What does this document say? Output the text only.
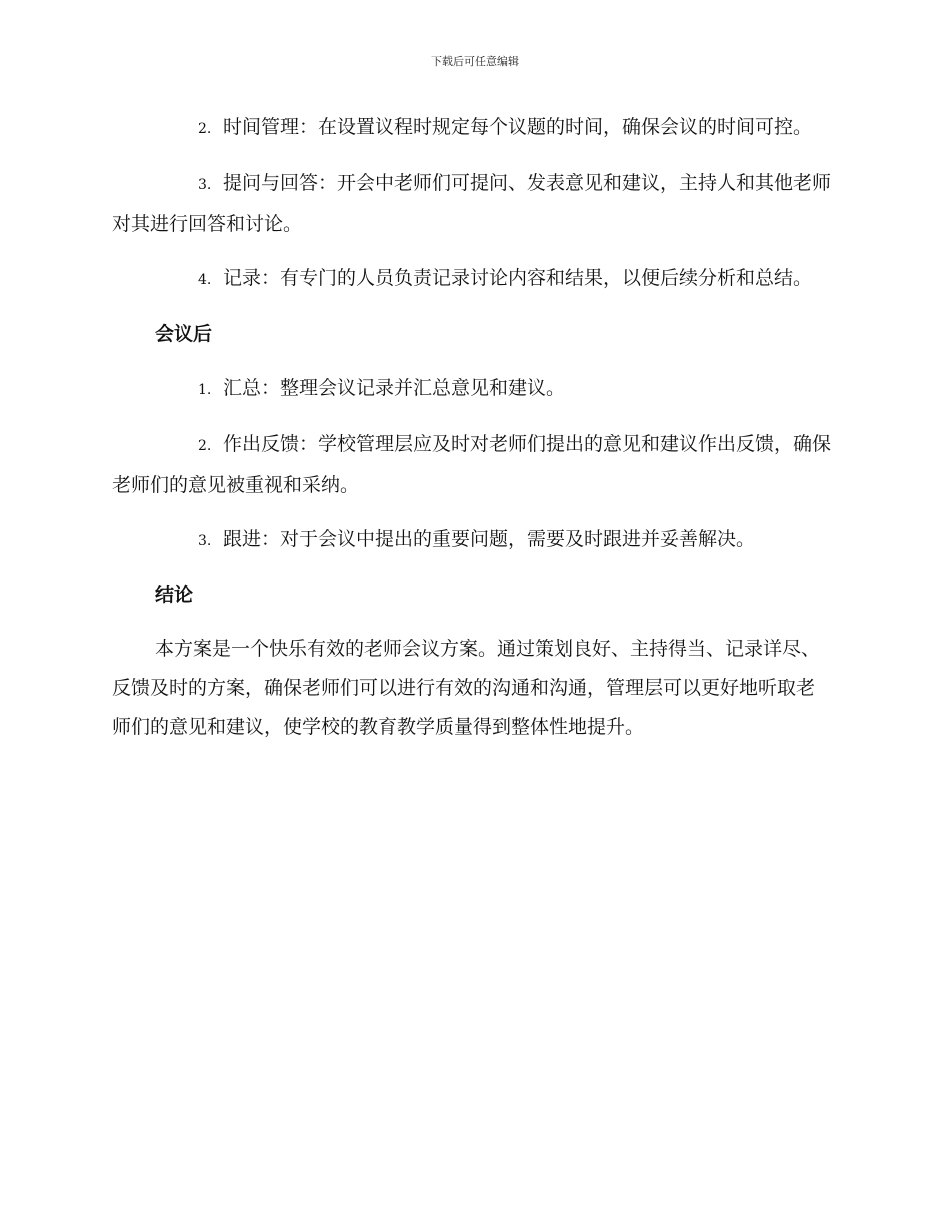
下载后可任意编辑

2. 时间管理：在设置议程时规定每个议题的时间，确保会议的时间可控。

3. 提问与回答：开会中老师们可提问、发表意见和建议，主持人和其他老师对其进行回答和讨论。

4. 记录：有专门的人员负责记录讨论内容和结果，以便后续分析和总结。

会议后

1. 汇总：整理会议记录并汇总意见和建议。

2. 作出反馈：学校管理层应及时对老师们提出的意见和建议作出反馈，确保老师们的意见被重视和采纳。

3. 跟进：对于会议中提出的重要问题，需要及时跟进并妥善解决。

结论

本方案是一个快乐有效的老师会议方案。通过策划良好、主持得当、记录详尽、反馈及时的方案，确保老师们可以进行有效的沟通和沟通，管理层可以更好地听取老师们的意见和建议，使学校的教育教学质量得到整体性地提升。
